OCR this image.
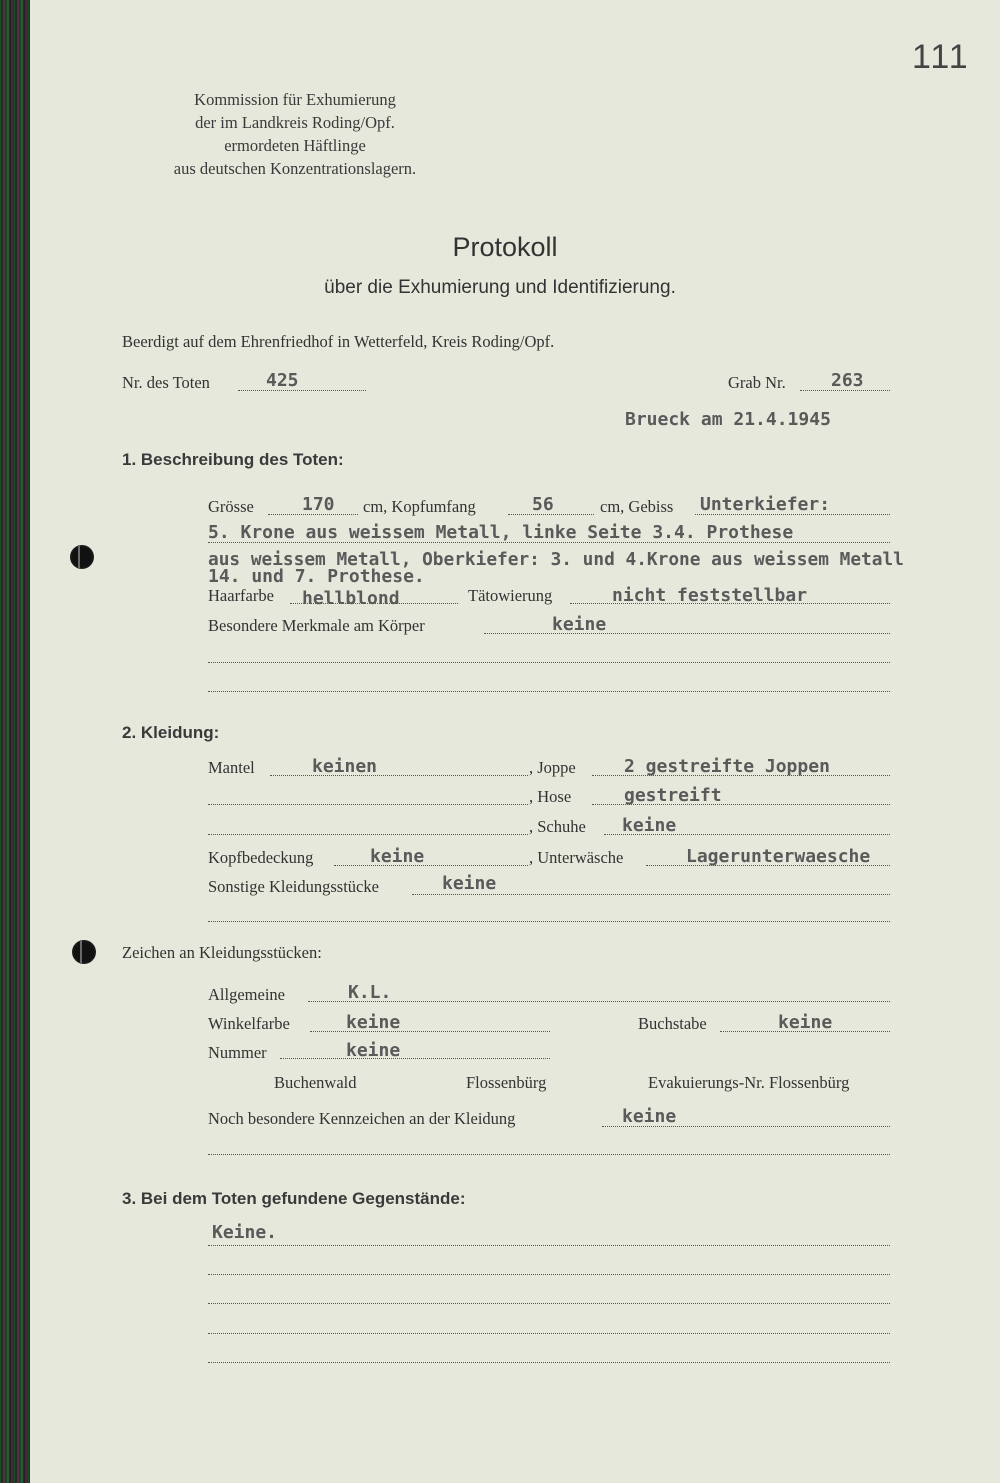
111
Kommission für Exhumierung
der im Landkreis Roding/Opf.
ermordeten Häftlinge
aus deutschen Konzentrationslagern.
Protokoll
über die Exhumierung und Identifizierung.
Beerdigt auf dem Ehrenfriedhof in Wetterfeld, Kreis Roding/Opf.
Nr. des Toten	425	Grab Nr.	263
Brueck am 21.4.1945
1. Beschreibung des Toten:
Grösse	170 cm, Kopfumfang	56	cm, Gebiss Unterkiefer:
5. Krone aus weissem Metall, linke Seite 3.4. Prothese
aus weissem Metall, Oberkiefer: 3. und 4.Krone aus weissem Metall
14. und 7. Prothese.
Haarfarbe hellblond	Tätowierung	nicht feststellbar
Besondere Merkmale am Körper	keine
2. Kleidung:
Mantel	keinen	, Joppe	2 gestreifte Joppen
, Hose	gestreift
, Schuhe keine
Kopfbedeckung	keine	, Unterwäsche	Lagerunterwaesche
Sonstige Kleidungsstücke	keine
Zeichen an Kleidungsstücken:
Allgemeine	K.L.
Winkelfarbe	keine	Buchstabe	keine
Nummer	keine
Buchenwald	Flossenbürg	Evakuierungs-Nr. Flossenbürg
Noch besondere Kennzeichen an der Kleidung	keine
3. Bei dem Toten gefundene Gegenstände:
Keine.
